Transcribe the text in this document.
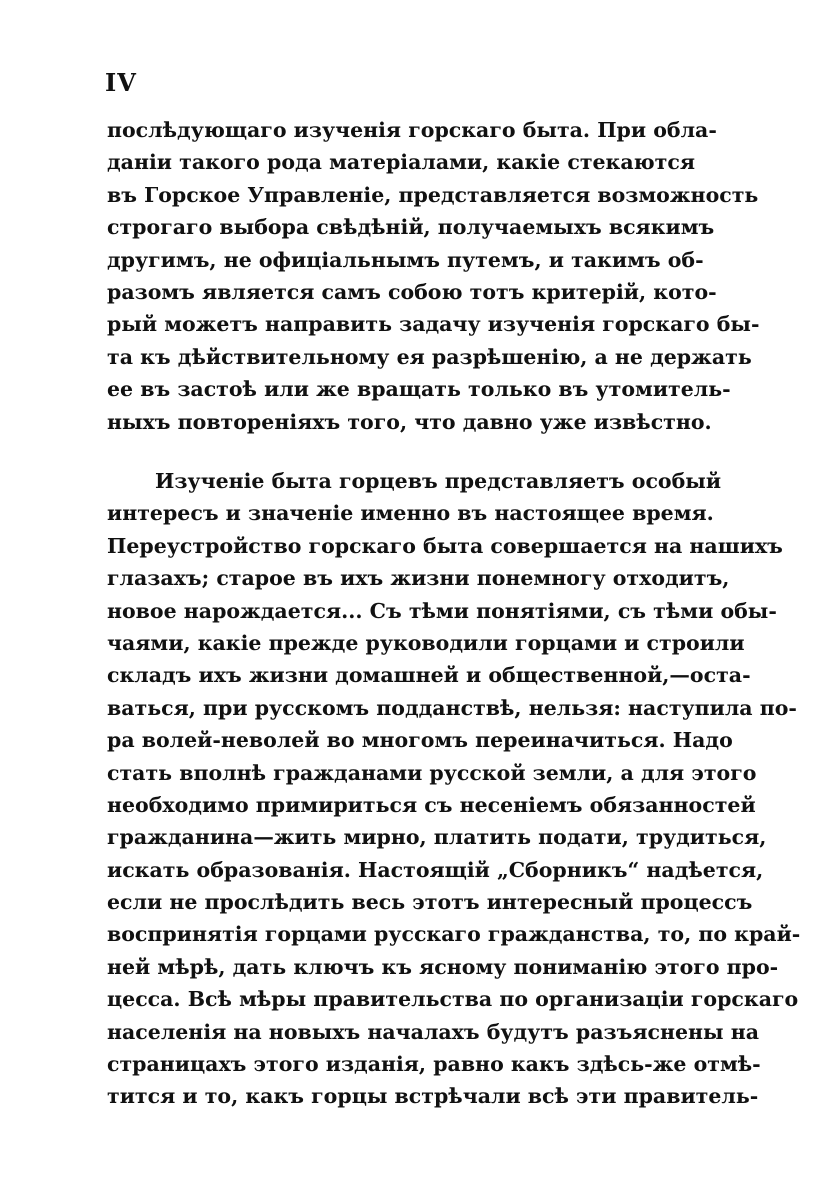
IV
послѣдующаго изученія горскаго быта. При обла-
даніи такого рода матеріалами, какіе стекаются
въ Горское Управленіе, представляется возможность
строгаго выбора свѣдѣній, получаемыхъ всякимъ
другимъ, не офиціальнымъ путемъ, и такимъ об-
разомъ является самъ собою тотъ критерій, кото-
рый можетъ направить задачу изученія горскаго бы-
та къ дѣйствительному ея разрѣшенію, а не держать
ее въ застоѣ или же вращать только въ утомитель-
ныхъ повтореніяхъ того, что давно уже извѣстно.
Изученіе быта горцевъ представляетъ особый
интересъ и значеніе именно въ настоящее время.
Переустройство горскаго быта совершается на нашихъ
глазахъ; старое въ ихъ жизни понемногу отходитъ,
новое нарождается... Съ тѣми понятіями, съ тѣми обы-
чаями, какіе прежде руководили горцами и строили
складъ ихъ жизни домашней и общественной,—оста-
ваться, при русскомъ подданствѣ, нельзя: наступила по-
ра волей-неволей во многомъ переиначиться. Надо
стать вполнѣ гражданами русской земли, а для этого
необходимо примириться съ несеніемъ обязанностей
гражданина—жить мирно, платить подати, трудиться,
искать образованія. Настоящій „Сборникъ“ надѣется,
если не прослѣдить весь этотъ интересный процессъ
воспринятія горцами русскаго гражданства, то, по край-
ней мѣрѣ, дать ключъ къ ясному пониманію этого про-
цесса. Всѣ мѣры правительства по организаціи горскаго
населенія на новыхъ началахъ будутъ разъяснены на
страницахъ этого изданія, равно какъ здѣсь-же отмѣ-
тится и то, какъ горцы встрѣчали всѣ эти правитель-
